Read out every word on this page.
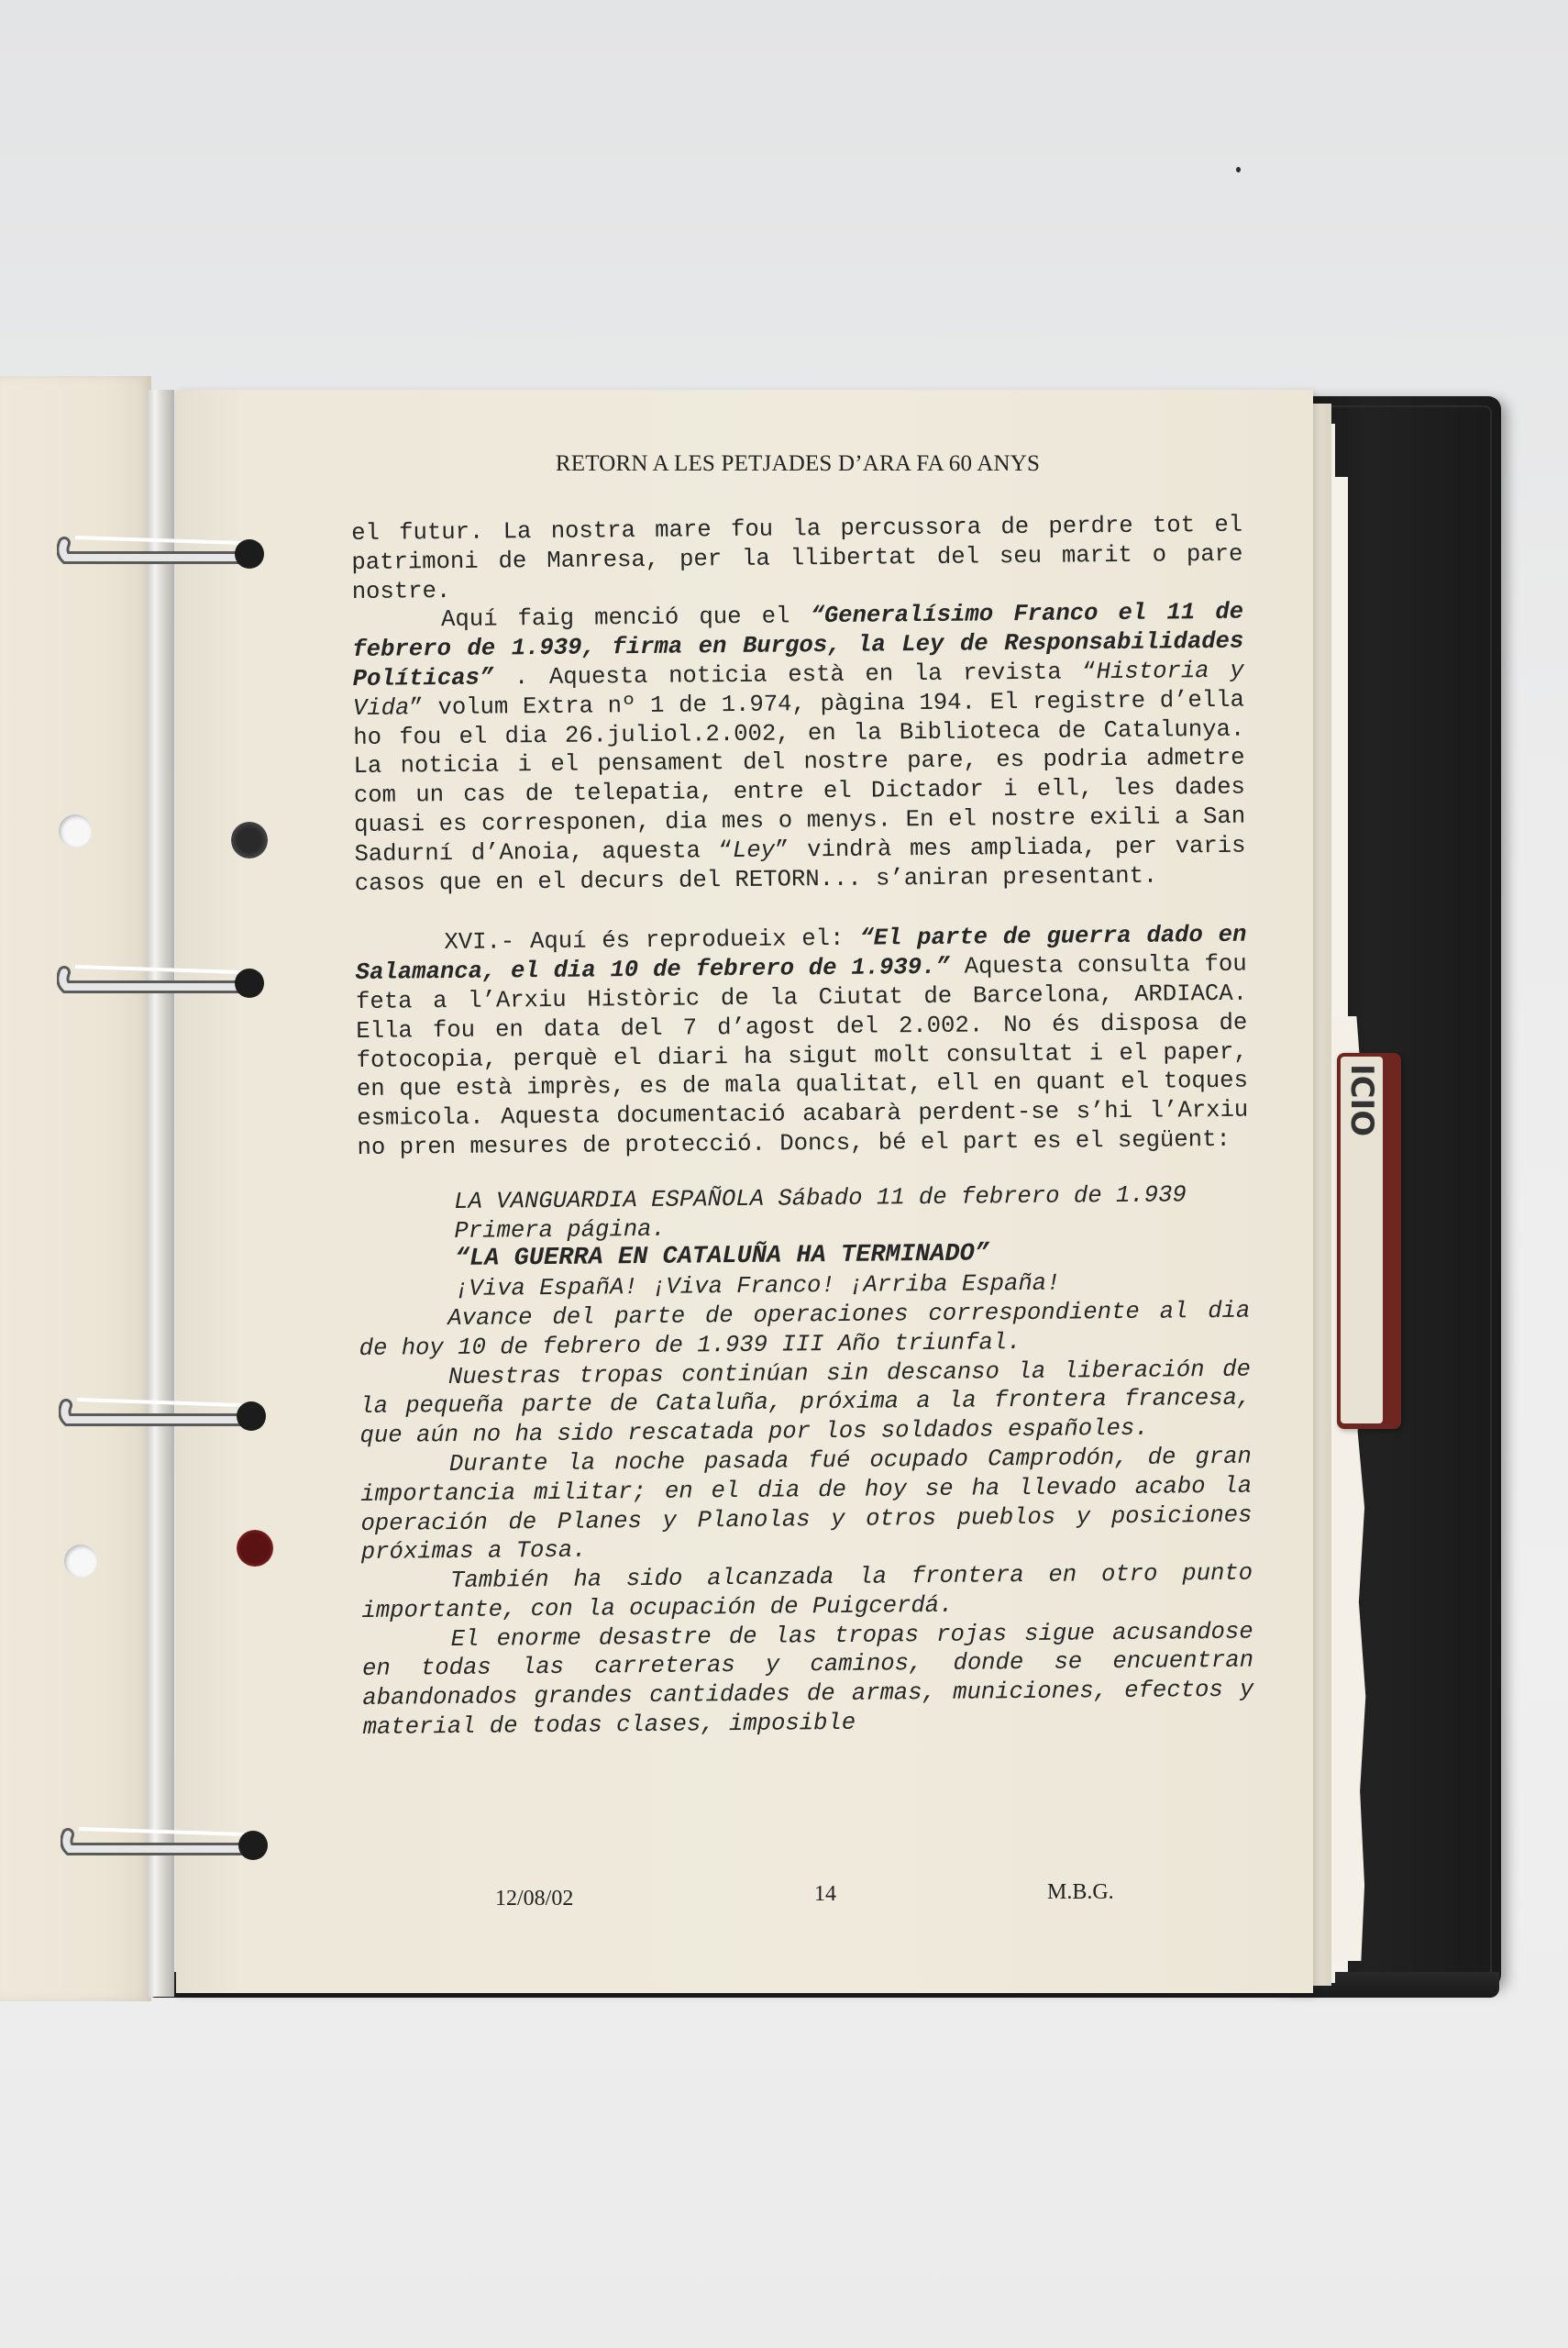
ICIO
RETORN A LES PETJADES D’ARA FA 60 ANYS

el futur. La nostra mare fou la percussora de perdre tot el patrimoni de Manresa, per la llibertat del seu marit o pare nostre.

Aquí faig menció que el “Generalísimo Franco el 11 de febrero de 1.939, firma en Burgos, la Ley de Responsabilidades Políticas” . Aquesta noticia està en la revista “Historia y Vida” volum Extra nº 1 de 1.974, pàgina 194. El registre d’ella ho fou el dia 26.juliol.2.002, en la Biblioteca de Catalunya. La noticia i el pensament del nostre pare, es podria admetre com un cas de telepatia, entre el Dictador i ell, les dades quasi es corresponen, dia mes o menys. En el nostre exili a San Sadurní d’Anoia, aquesta “Ley” vindrà mes ampliada, per varis casos que en el decurs del RETORN... s’aniran presentant.

XVI.- Aquí és reprodueix el: “El parte de guerra dado en Salamanca, el dia 10 de febrero de 1.939.” Aquesta consulta fou feta a l’Arxiu Històric de la Ciutat de Barcelona, ARDIACA. Ella fou en data del 7 d’agost del 2.002. No és disposa de fotocopia, perquè el diari ha sigut molt consultat i el paper, en que està imprès, es de mala qualitat, ell en quant el toques esmicola. Aquesta documentació acabarà perdent-se s’hi l’Arxiu no pren mesures de protecció. Doncs, bé el part es el següent:

LA VANGUARDIA ESPAÑOLA Sábado 11 de febrero de 1.939

Primera página.

“LA GUERRA EN CATALUÑA HA TERMINADO”

¡Viva EspañA! ¡Viva Franco! ¡Arriba España!

Avance del parte de operaciones correspondiente al dia de hoy 10 de febrero de 1.939 III Año triunfal.

Nuestras tropas continúan sin descanso la liberación de la pequeña parte de Cataluña, próxima a la frontera francesa, que aún no ha sido rescatada por los soldados españoles.

Durante la noche pasada fué ocupado Camprodón, de gran importancia militar; en el dia de hoy se ha llevado acabo la operación de Planes y Planolas y otros pueblos y posiciones próximas a Tosa.

También ha sido alcanzada la frontera en otro punto importante, con la ocupación de Puigcerdá.

El enorme desastre de las tropas rojas sigue acusandose en todas las carreteras y caminos, donde se encuentran abandonados grandes cantidades de armas, municiones, efectos y material de todas clases, imposible

12/08/02	14	M.B.G.
